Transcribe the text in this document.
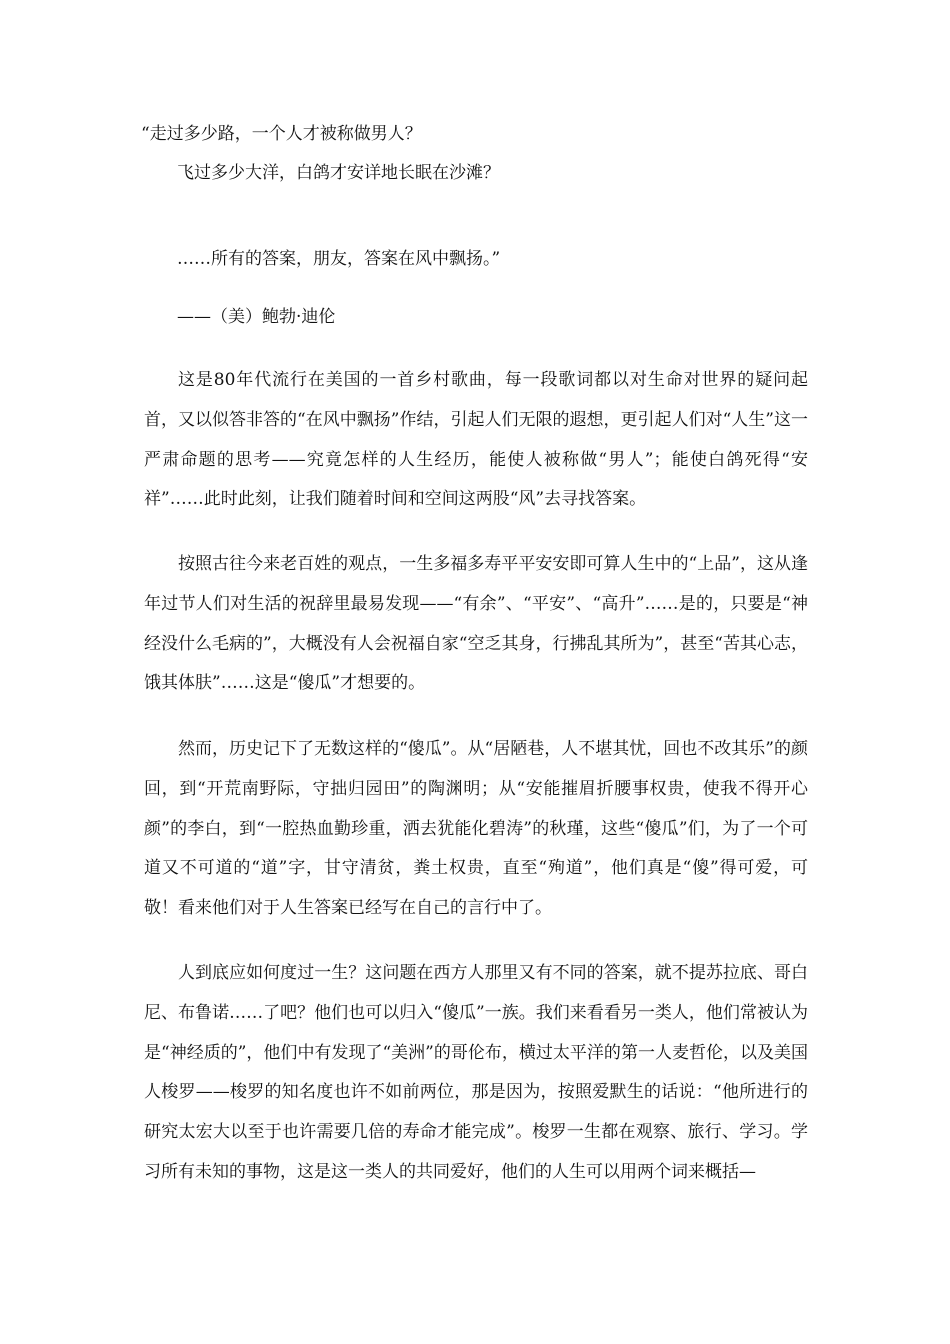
“走过多少路，一个人才被称做男人？

飞过多少大洋，白鸽才安详地长眠在沙滩？

……所有的答案，朋友，答案在风中飘扬。”

——（美）鲍勃·迪伦

这是80年代流行在美国的一首乡村歌曲，每一段歌词都以对生命对世界的疑问起首，又以似答非答的“在风中飘扬”作结，引起人们无限的遐想，更引起人们对“人生”这一严肃命题的思考——究竟怎样的人生经历，能使人被称做“男人”；能使白鸽死得“安祥”……此时此刻，让我们随着时间和空间这两股“风”去寻找答案。

按照古往今来老百姓的观点，一生多福多寿平平安安即可算人生中的“上品”，这从逢年过节人们对生活的祝辞里最易发现——“有余”、“平安”、“高升”……是的，只要是“神经没什么毛病的”，大概没有人会祝福自家“空乏其身，行拂乱其所为”，甚至“苦其心志，饿其体肤”……这是“傻瓜”才想要的。

然而，历史记下了无数这样的“傻瓜”。从“居陋巷，人不堪其忧，回也不改其乐”的颜回，到“开荒南野际，守拙归园田”的陶渊明；从“安能摧眉折腰事权贵，使我不得开心颜”的李白，到“一腔热血勤珍重，洒去犹能化碧涛”的秋瑾，这些“傻瓜”们，为了一个可道又不可道的“道”字，甘守清贫，粪土权贵，直至“殉道”，他们真是“傻”得可爱，可敬！看来他们对于人生答案已经写在自己的言行中了。

人到底应如何度过一生？这问题在西方人那里又有不同的答案，就不提苏拉底、哥白尼、布鲁诺……了吧？他们也可以归入“傻瓜”一族。我们来看看另一类人，他们常被认为是“神经质的”，他们中有发现了“美洲”的哥伦布，横过太平洋的第一人麦哲伦，以及美国人梭罗——梭罗的知名度也许不如前两位，那是因为，按照爱默生的话说：“他所进行的研究太宏大以至于也许需要几倍的寿命才能完成”。梭罗一生都在观察、旅行、学习。学习所有未知的事物，这是这一类人的共同爱好，他们的人生可以用两个词来概括—
